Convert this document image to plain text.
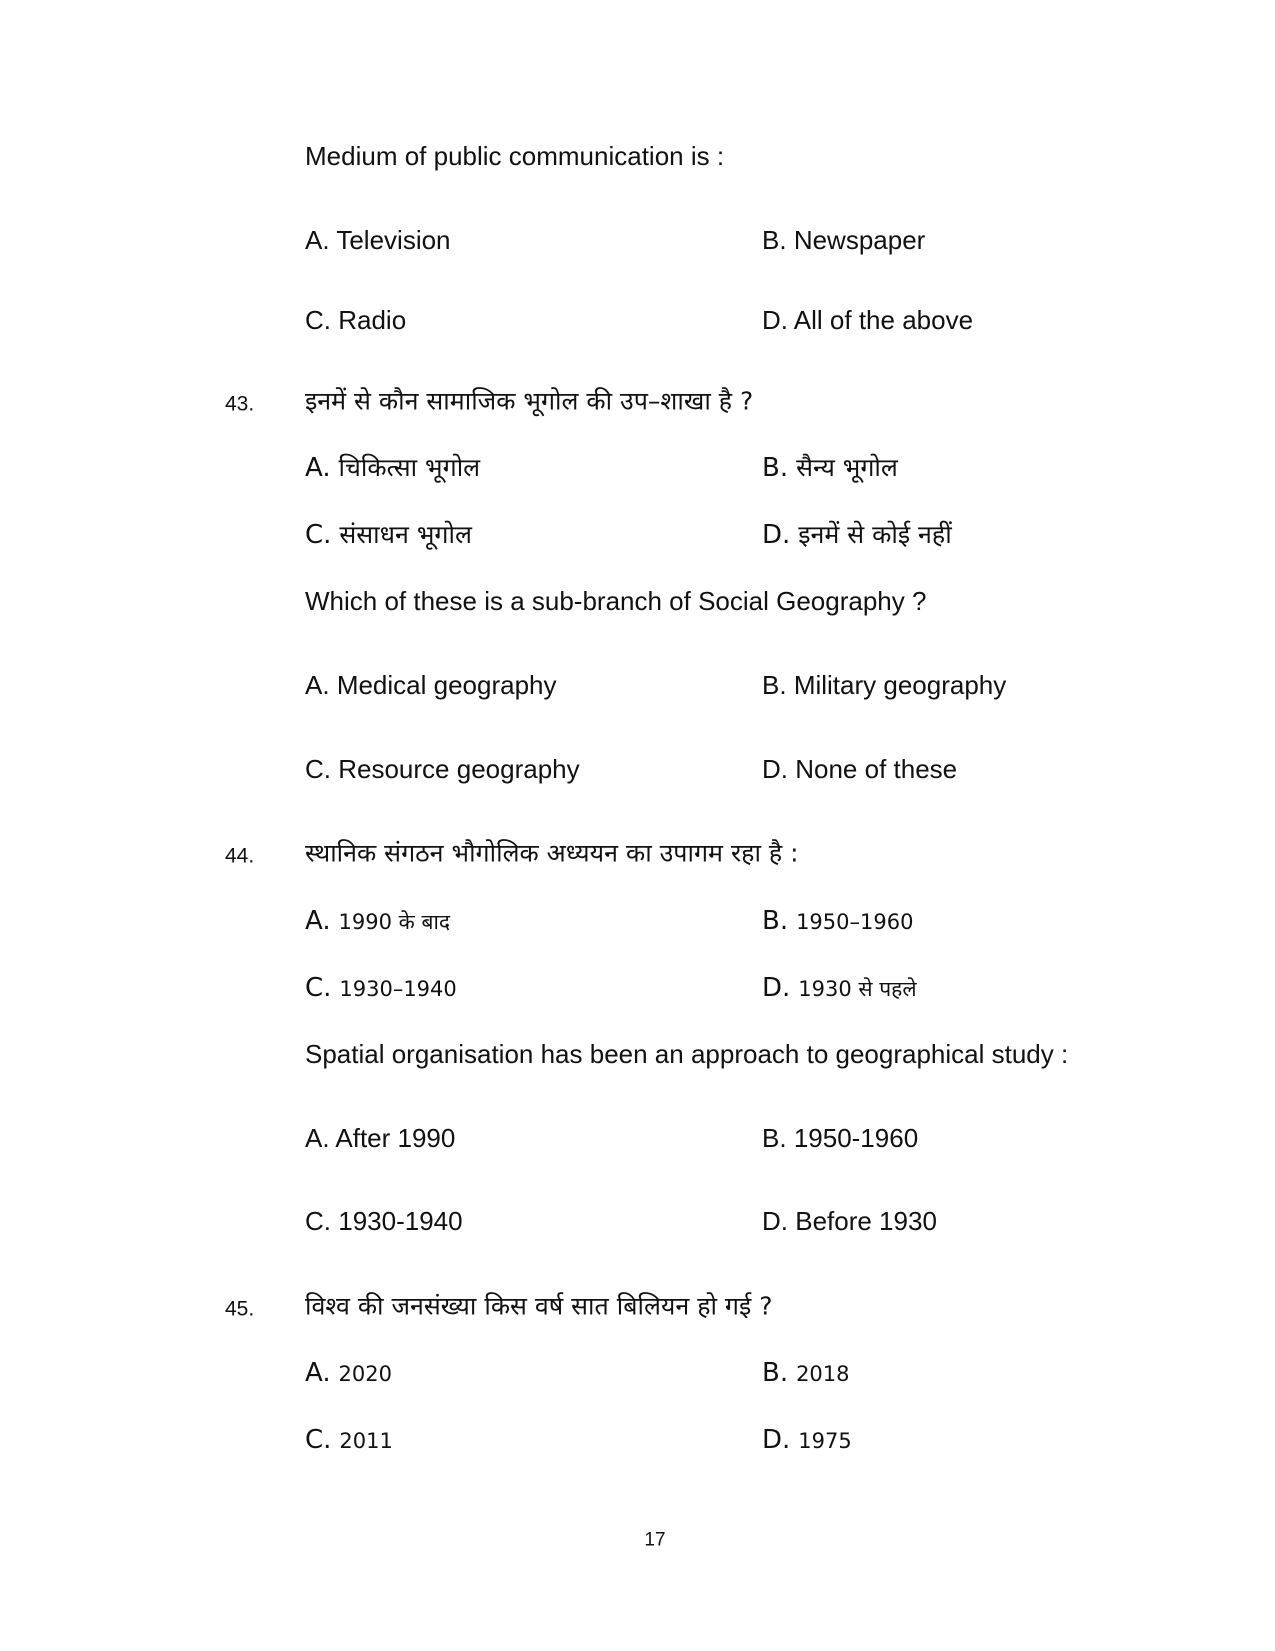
Medium of public communication is :
A. Television	B. Newspaper
C. Radio	D. All of the above
43. इनमें से कौन सामाजिक भूगोल की उप–शाखा है ?
A. चिकित्सा भूगोल	B. सैन्य भूगोल
C. संसाधन भूगोल	D. इनमें से कोई नहीं
Which of these is a sub-branch of Social Geography ?
A. Medical geography	B. Military geography
C. Resource geography	D. None of these
44. स्थानिक संगठन भौगोलिक अध्ययन का उपागम रहा है :
A. 1990 के बाद	B. 1950–1960
C. 1930–1940	D. 1930 से पहले
Spatial organisation has been an approach to geographical study :
A. After 1990	B. 1950-1960
C. 1930-1940	D. Before 1930
45. विश्व की जनसंख्या किस वर्ष सात बिलियन हो गई ?
A. 2020	B. 2018
C. 2011	D. 1975
17
